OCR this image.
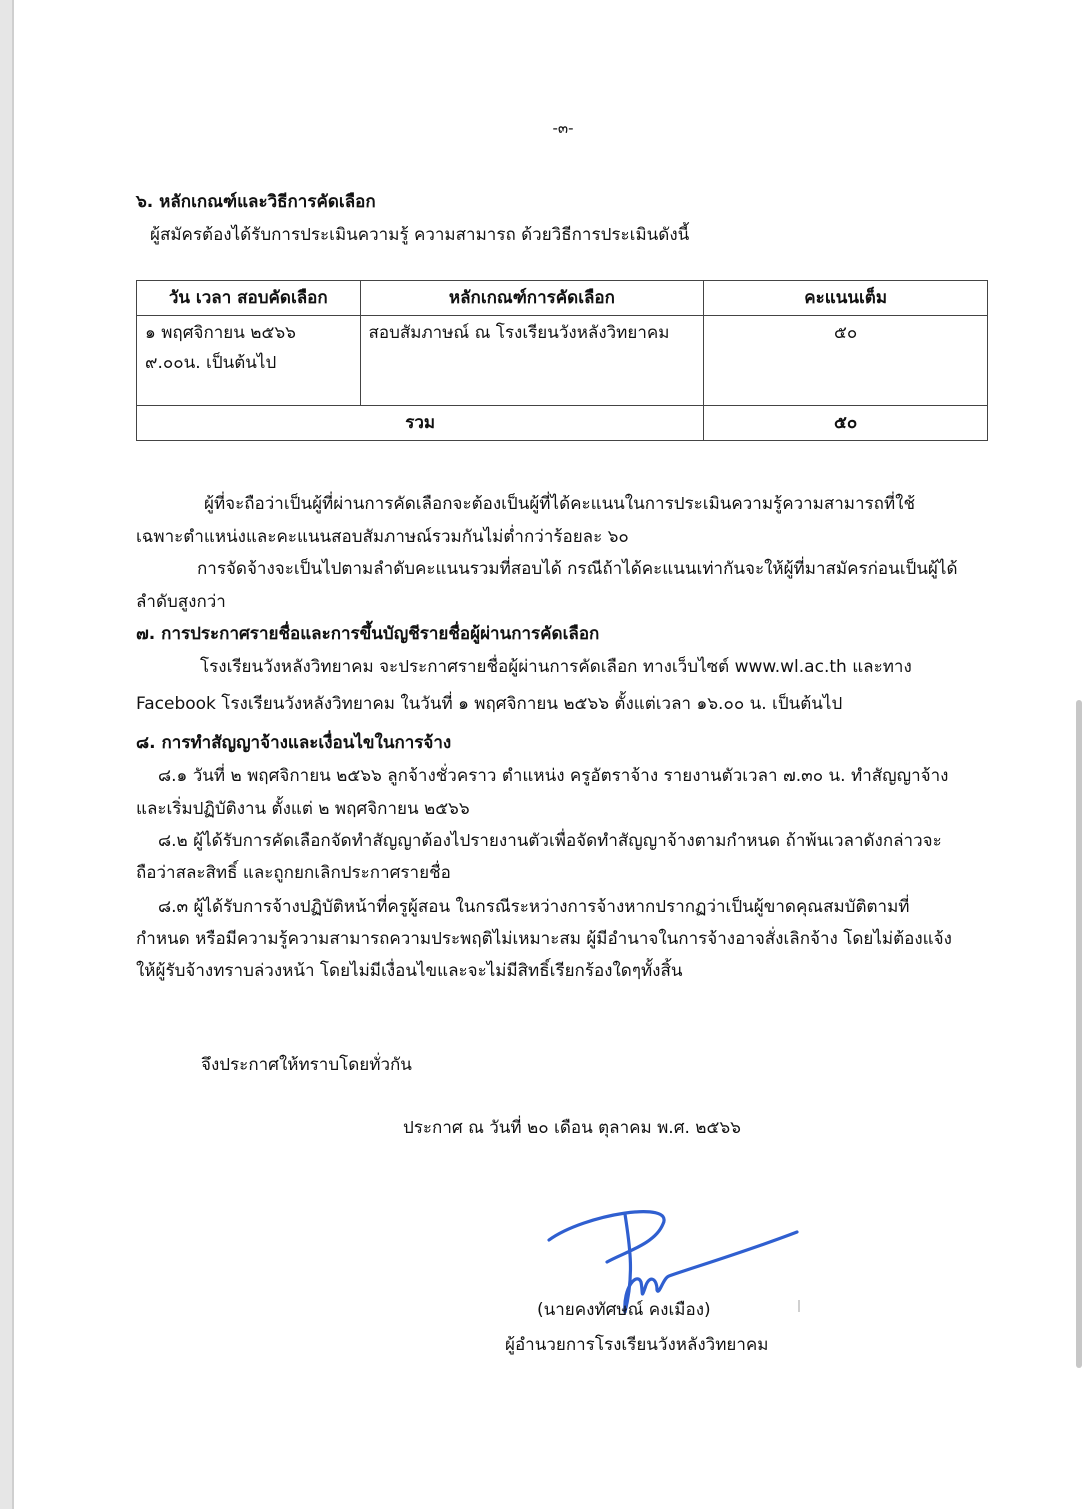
-๓-
๖. หลักเกณฑ์และวิธีการคัดเลือก
ผู้สมัครต้องได้รับการประเมินความรู้ ความสามารถ ด้วยวิธีการประเมินดังนี้
วัน เวลา สอบคัดเลือก	หลักเกณฑ์การคัดเลือก	คะแนนเต็ม

๑ พฤศจิกายน ๒๕๖๖
๙.๐๐น. เป็นต้นไป	สอบสัมภาษณ์ ณ โรงเรียนวังหลังวิทยาคม	๕๐
รวม		๕๐
ผู้ที่จะถือว่าเป็นผู้ที่ผ่านการคัดเลือกจะต้องเป็นผู้ที่ได้คะแนนในการประเมินความรู้ความสามารถที่ใช้
เฉพาะตำแหน่งและคะแนนสอบสัมภาษณ์รวมกันไม่ต่ำกว่าร้อยละ ๖๐
การจัดจ้างจะเป็นไปตามลำดับคะแนนรวมที่สอบได้ กรณีถ้าได้คะแนนเท่ากันจะให้ผู้ที่มาสมัครก่อนเป็นผู้ได้
ลำดับสูงกว่า
๗. การประกาศรายชื่อและการขึ้นบัญชีรายชื่อผู้ผ่านการคัดเลือก
โรงเรียนวังหลังวิทยาคม จะประกาศรายชื่อผู้ผ่านการคัดเลือก ทางเว็บไซต์ www.wl.ac.th และทาง
Facebook โรงเรียนวังหลังวิทยาคม ในวันที่ ๑ พฤศจิกายน ๒๕๖๖ ตั้งแต่เวลา ๑๖.๐๐ น. เป็นต้นไป
๘. การทำสัญญาจ้างและเงื่อนไขในการจ้าง
๘.๑ วันที่ ๒ พฤศจิกายน ๒๕๖๖ ลูกจ้างชั่วคราว ตำแหน่ง ครูอัตราจ้าง รายงานตัวเวลา ๗.๓๐ น. ทำสัญญาจ้าง
และเริ่มปฏิบัติงาน ตั้งแต่ ๒ พฤศจิกายน ๒๕๖๖
๘.๒ ผู้ได้รับการคัดเลือกจัดทำสัญญาต้องไปรายงานตัวเพื่อจัดทำสัญญาจ้างตามกำหนด ถ้าพ้นเวลาดังกล่าวจะ
ถือว่าสละสิทธิ์ และถูกยกเลิกประกาศรายชื่อ
๘.๓ ผู้ได้รับการจ้างปฏิบัติหน้าที่ครูผู้สอน ในกรณีระหว่างการจ้างหากปรากฏว่าเป็นผู้ขาดคุณสมบัติตามที่
กำหนด หรือมีความรู้ความสามารถความประพฤติไม่เหมาะสม ผู้มีอำนาจในการจ้างอาจสั่งเลิกจ้าง โดยไม่ต้องแจ้ง
ให้ผู้รับจ้างทราบล่วงหน้า โดยไม่มีเงื่อนไขและจะไม่มีสิทธิ์เรียกร้องใดๆทั้งสิ้น
จึงประกาศให้ทราบโดยทั่วกัน
ประกาศ ณ วันที่ ๒๐ เดือน ตุลาคม พ.ศ. ๒๕๖๖
(นายคงทัศษณ์ คงเมือง)
ผู้อำนวยการโรงเรียนวังหลังวิทยาคม
